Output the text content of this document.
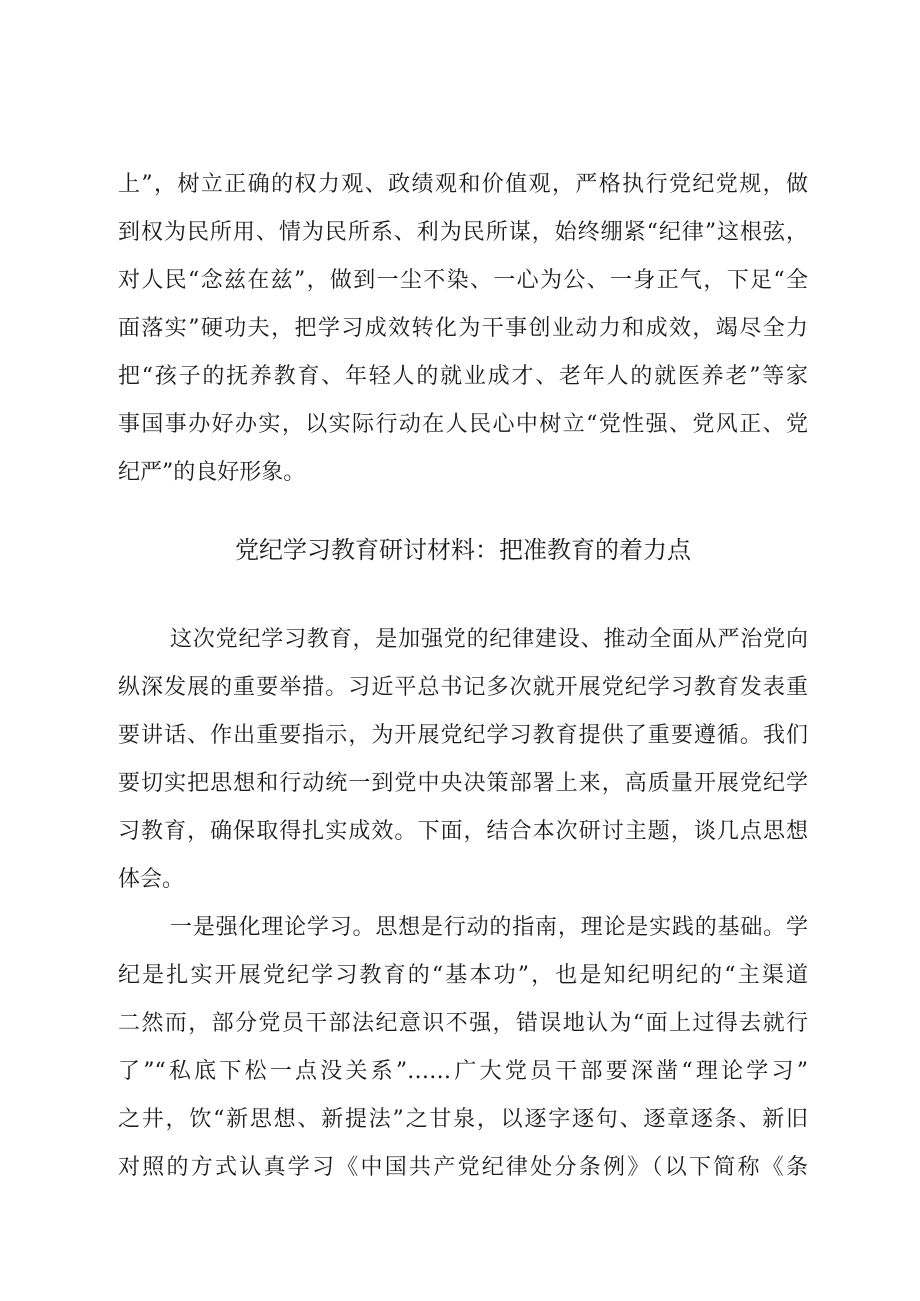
上”，树立正确的权力观、政绩观和价值观，严格执行党纪党规，做
到权为民所用、情为民所系、利为民所谋，始终绷紧“纪律”这根弦，
对人民“念兹在兹”，做到一尘不染、一心为公、一身正气，下足“全
面落实”硬功夫，把学习成效转化为干事创业动力和成效，竭尽全力
把“孩子的抚养教育、年轻人的就业成才、老年人的就医养老”等家
事国事办好办实，以实际行动在人民心中树立“党性强、党风正、党
纪严”的良好形象。
党纪学习教育研讨材料：把准教育的着力点
这次党纪学习教育，是加强党的纪律建设、推动全面从严治党向
纵深发展的重要举措。习近平总书记多次就开展党纪学习教育发表重
要讲话、作出重要指示，为开展党纪学习教育提供了重要遵循。我们
要切实把思想和行动统一到党中央决策部署上来，高质量开展党纪学
习教育，确保取得扎实成效。下面，结合本次研讨主题，谈几点思想
体会。
一是强化理论学习。思想是行动的指南，理论是实践的基础。学
纪是扎实开展党纪学习教育的“基本功”，也是知纪明纪的“主渠道
二然而，部分党员干部法纪意识不强，错误地认为“面上过得去就行
了”“私底下松一点没关系”……广大党员干部要深凿“理论学习”
之井，饮“新思想、新提法”之甘泉，以逐字逐句、逐章逐条、新旧
对照的方式认真学习《中国共产党纪律处分条例》（以下简称《条
